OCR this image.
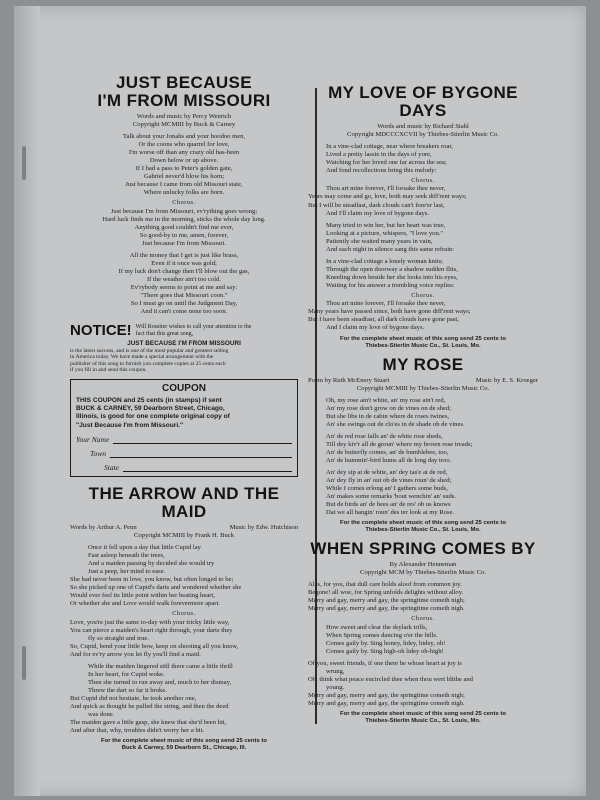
JUST BECAUSE
I'M FROM MISSOURI
Words and music by Percy Wenrich
Copyright MCMIII by Buck & Carney
Talk about your Jonahs and your hoodoo men,
Or the coons who quarrel for love,
I'm worse off than any crazy old has-been
Down below or up above.
If I had a pass to Peter's golden gate,
Gabriel never'd blow his horn;
Just because I came from old Missouri state,
Where unlucky folks are born.
Chorus.
Just because I'm from Missouri, ev'rything goes wrong;
Hard luck finds me in the morning, sticks the whole day long.
Anything good couldn't find me ever,
So good-by to me, amen, forever,
Just because I'm from Missouri.
All the money that I get is just like brass,
Even if it once was gold;
If my luck don't change then I'll blow out the gas,
If the weather ain't too cold.
Ev'rybody seems to point at me and say:
"There goes that Missouri coon."
So I must go on until the Judgment Day,
And it can't come none too soon.
NOTICE! Will Rossiter wishes to call your attention to the
fact that this great song,
JUST BECAUSE I'M FROM MISSOURI
is the latest success, and is one of the most popular and greatest selling
in America today. We have made a special arrangement with the
publisher of this song to furnish you complete copies at 25 cents each
if you fill in and send this coupon.
COUPON
THIS COUPON and 25 cents (in stamps) if sent
BUCK & CARNEY, 59 Dearborn Street, Chicago,
Illinois, is good for one complete original copy of
"Just Because I'm from Missouri."
Your Name
Town
State
THE ARROW AND THE MAID
Words by Arthur A. Penn	Music by Edw. Hutchison
Copyright MCMIII by Frank H. Buck
Once it fell upon a day that little Cupid lay
Fast asleep beneath the trees,
And a maiden passing by decided she would try
Just a peep, her mind to ease.
She had never been in love, you know, but often longed to be;
So she picked up one of Cupid's darts and wondered whether she
Would ever feel its little point within her beating heart,
Or whether she and Love would walk forevermore apart.
Chorus.
Love, you're just the same to-day with your tricky little way,
You can pierce a maiden's heart right through, your darts they
fly so straight and true.
So, Cupid, bend your little bow, keep on shooting all you know,
And for ev'ry arrow you let fly you'll find a maid.
While the maiden lingered still there came a little thrill
In her heart, for Cupid woke.
Then she turned to run away and, much to her dismay,
Threw the dart so far it broke.
But Cupid did not hesitate, he took another one,
And quick as thought he pulled the string, and then the deed
was done.
The maiden gave a little gasp, she knew that she'd been hit,
And after that, why, troubles didn't worry her a bit.
For the complete sheet music of this song send 25 cents to
Buck & Carney, 59 Dearborn St., Chicago, Ill.
MY LOVE OF BYGONE DAYS
Words and music by Richard Stahl
Copyright MDCCCXCVII by Thiebes-Stierlin Music Co.
In a vine-clad cottage, near where breakers roar,
Lived a pretty lassie in the days of yore,
Watching for her loved one far across the sea;
And fond recollections bring this melody:
Chorus.
Thou art mine forever, I'll forsake thee never,
Years may come and go, love, both may seek diff'rent ways;
But I will be steadfast, dark clouds can't fore'er last,
And I'll claim my love of bygone days.
Many tried to win her, but her heart was true,
Looking at a picture, whispers, "I love you."
Patiently she waited many years in vain,
And each night in silence sang this same refrain:
In a vine-clad cottage a lonely woman knits;
Through the open doorway a shadow sudden flits,
Kneeling down beside her she looks into his eyes,
Waiting for his answer a trembling voice replies:
Chorus.
Thou art mine forever, I'll forsake thee never,
Many years have passed since, both have gone diff'rent ways;
But I have been steadfast, all dark clouds have gone past,
And I claim my love of bygone days.
For the complete sheet music of this song send 25 cents to
Thiebes-Stierlin Music Co., St. Louis, Mo.
MY ROSE
Poem by Ruth McEnery Stuart	Music by E. S. Kroeger
Copyright MCMIII by Thiebes-Stierlin Music Co.
Oh, my rose ain't white, an' my rose ain't red,
An' my rose don't grow on de vines on de shed;
But she libs in de cabin where de roses twines,
An' she swings out de clo'es in de shade ob de vines.
An' de red rose falls an' de white rose sheds,
Till dey kiv'r all de groun' where my brown rose treads;
An' de butterfly comes, an' de bumblebee, too,
An' de hummin'-bird hums all de long day troo.
An' dey sip at de white, an' dey tas'e at de red,
An' dey fly in an' out ob de vines roun' de shed;
While I comes erlong an' I gathers some buds,
An' makes some remarks 'bout wenchin' an' suds.
But de birds an' de bees an' de res' ob us knows
Dat we all hangin' roun' des ter look at my Rose.
For the complete sheet music of this song send 25 cents to
Thiebes-Stierlin Music Co., St. Louis, Mo.
WHEN SPRING COMES BY
By Alexander Henneman
Copyright MCM by Thiebes-Stierlin Music Co.
Alas, for you, that dull care holds aloof from common joy.
Begone! all woe, for Spring unfolds delights without alloy.
Merry and gay, merry and gay, the springtime cometh nigh;
Merry and gay, merry and gay, the springtime cometh nigh.
Chorus.
How sweet and clear the skylark trills,
When Spring comes dancing o'er the hills.
Comes gaily by. Sing honey, lidey, hidey, oh!
Comes gaily by. Sing high-oh lidey oh-high!
Of you, sweet friends, if one there be whose heart at joy is
wrung,
Oh, think what peace encircled thee when thou wert blithe and
young.
Merry and gay, merry and gay, the springtime cometh nigh;
Merry and gay, merry and gay, the springtime cometh nigh.
For the complete sheet music of this song send 25 cents to
Thiebes-Stierlin Music Co., St. Louis, Mo.
